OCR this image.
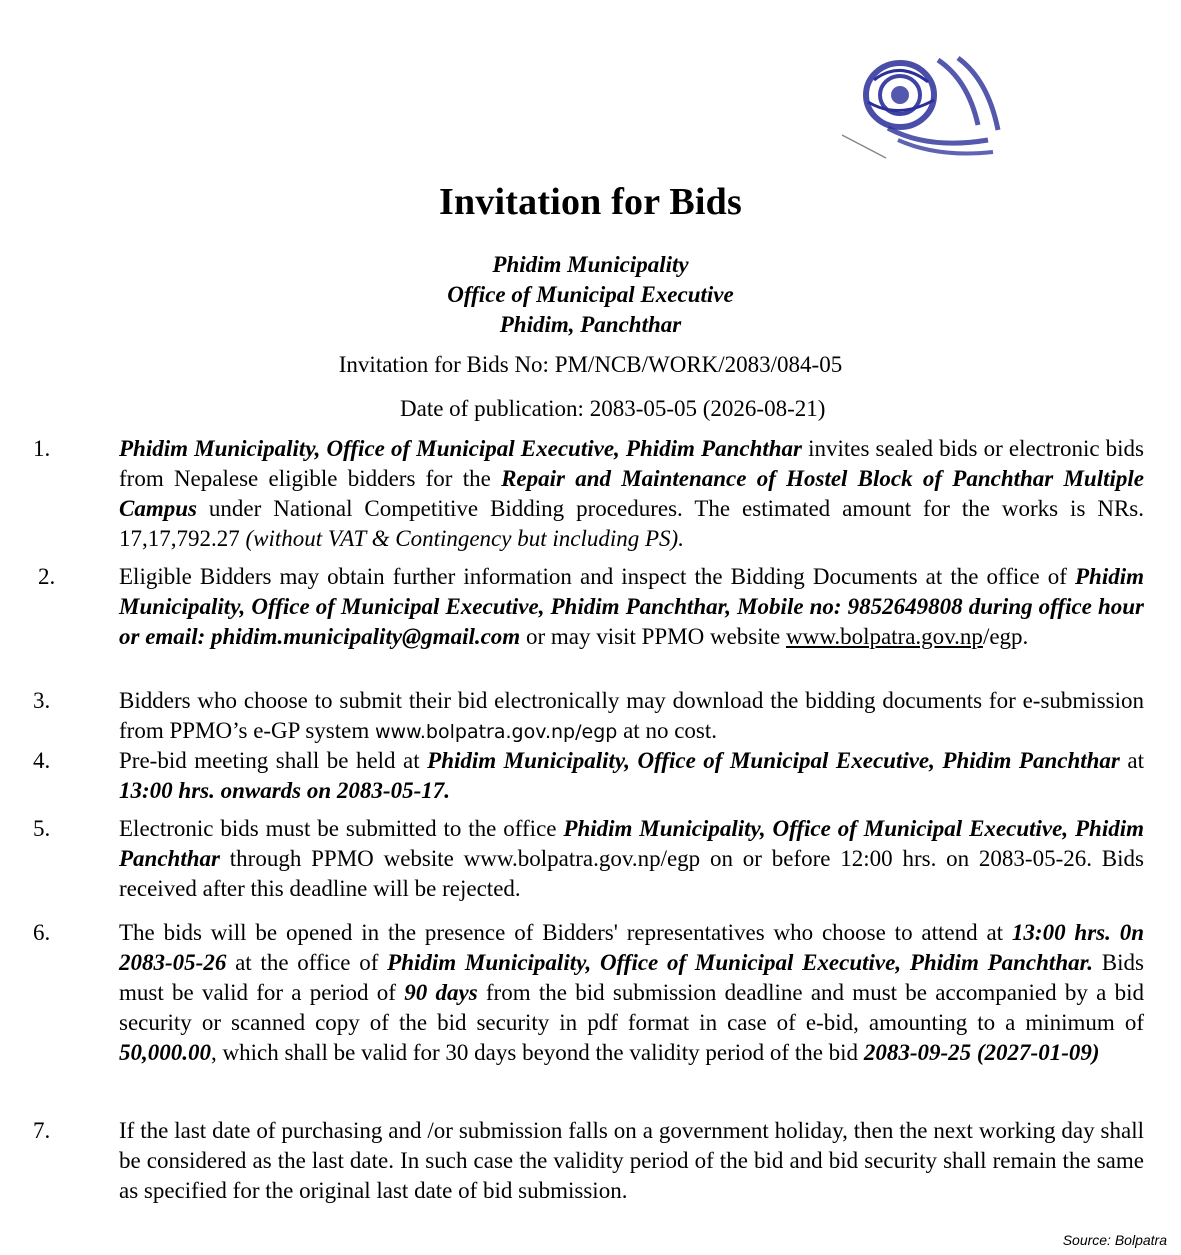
Invitation for Bids
Phidim Municipality
Office of Municipal Executive
Phidim, Panchthar
Invitation for Bids No: PM/NCB/WORK/2083/084-05
Date of publication: 2083-05-05 (2026-08-21)
1.	Phidim Municipality, Office of Municipal Executive, Phidim Panchthar invites sealed bids or electronic bids from Nepalese eligible bidders for the Repair and Maintenance of Hostel Block of Panchthar Multiple Campus under National Competitive Bidding procedures. The estimated amount for the works is NRs. 17,17,792.27 (without VAT & Contingency but including PS).
2.	Eligible Bidders may obtain further information and inspect the Bidding Documents at the office of Phidim Municipality, Office of Municipal Executive, Phidim Panchthar, Mobile no: 9852649808 during office hour or email: phidim.municipality@gmail.com or may visit PPMO website www.bolpatra.gov.np/egp.
3.	Bidders who choose to submit their bid electronically may download the bidding documents for e-submission from PPMO’s e-GP system www.bolpatra.gov.np/egp at no cost.
4.	Pre-bid meeting shall be held at Phidim Municipality, Office of Municipal Executive, Phidim Panchthar at 13:00 hrs. onwards on 2083-05-17.
5.	Electronic bids must be submitted to the office Phidim Municipality, Office of Municipal Executive, Phidim Panchthar through PPMO website www.bolpatra.gov.np/egp on or before 12:00 hrs. on 2083-05-26. Bids received after this deadline will be rejected.
6.	The bids will be opened in the presence of Bidders' representatives who choose to attend at 13:00 hrs. 0n 2083-05-26 at the office of Phidim Municipality, Office of Municipal Executive, Phidim Panchthar. Bids must be valid for a period of 90 days from the bid submission deadline and must be accompanied by a bid security or scanned copy of the bid security in pdf format in case of e-bid, amounting to a minimum of 50,000.00, which shall be valid for 30 days beyond the validity period of the bid 2083-09-25 (2027-01-09)
7.	If the last date of purchasing and /or submission falls on a government holiday, then the next working day shall be considered as the last date. In such case the validity period of the bid and bid security shall remain the same as specified for the original last date of bid submission.
Source: Bolpatra
